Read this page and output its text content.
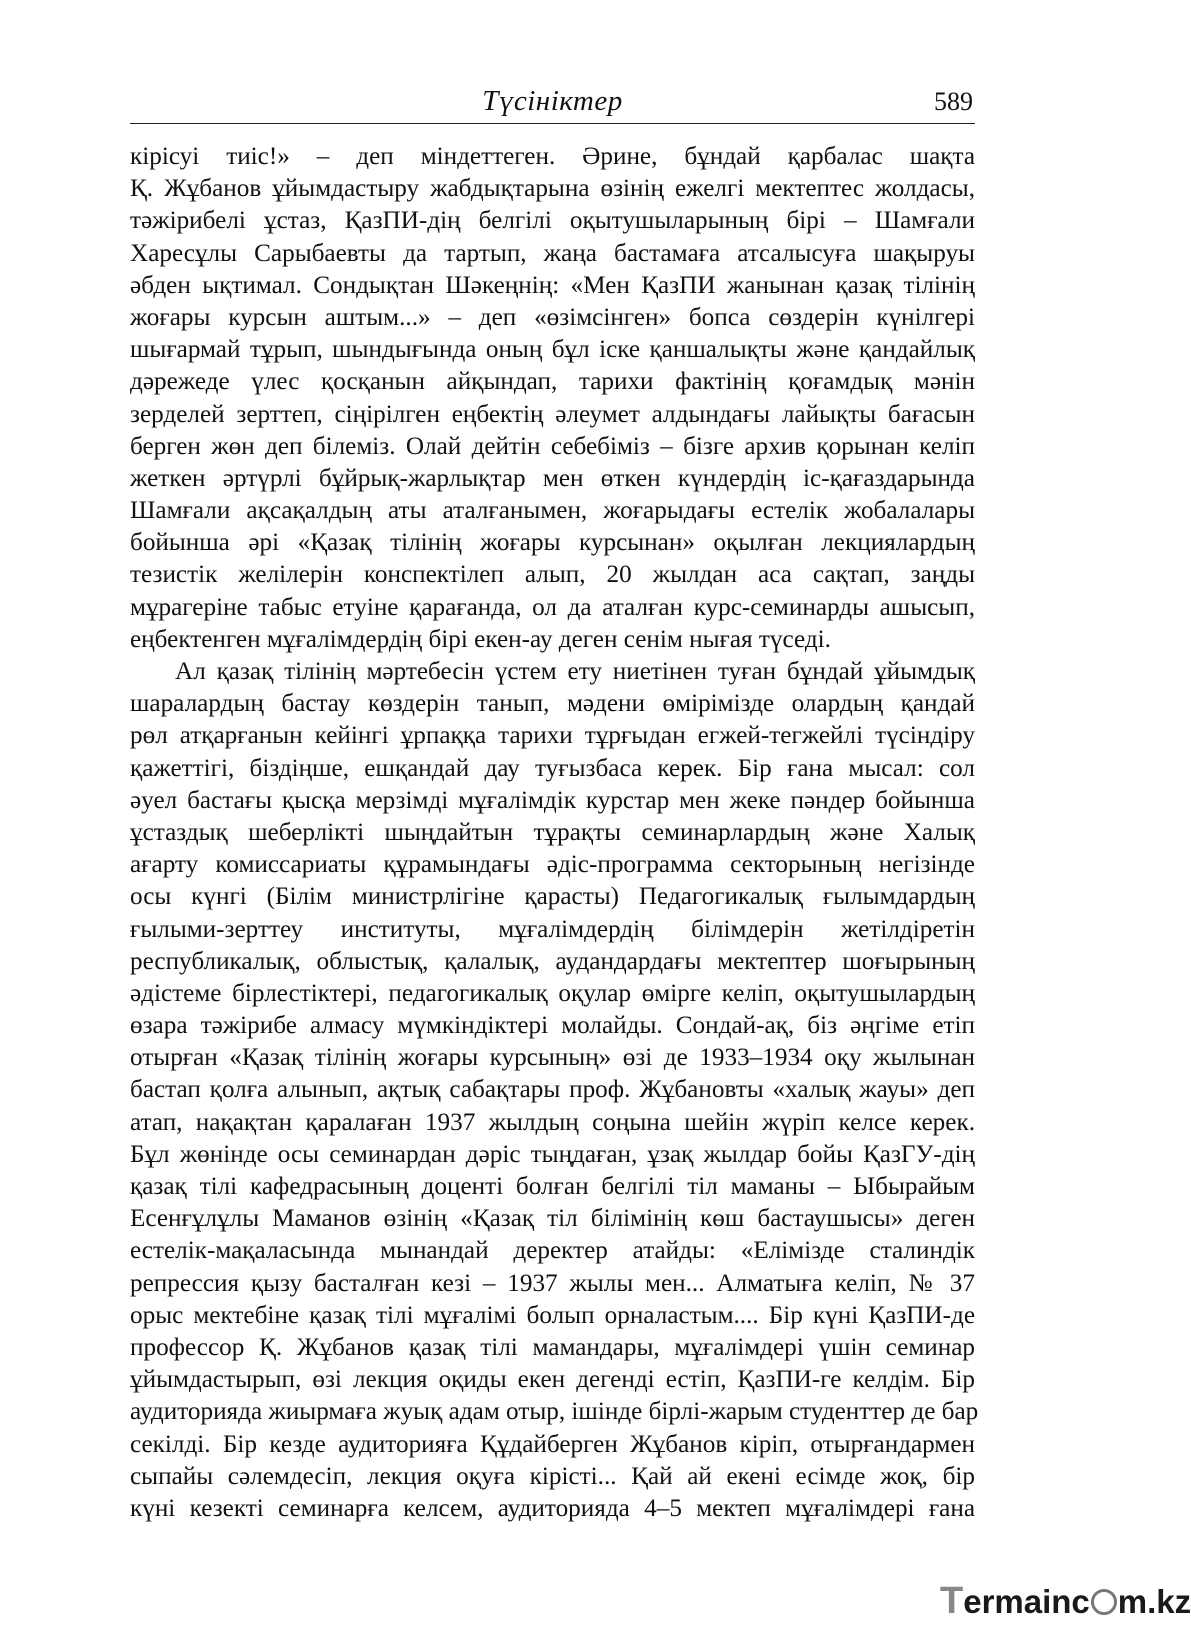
Түсініктер	589
кірісуі тиіс!» – деп міндеттеген. Әрине, бұндай қарбалас шақта
Қ. Жұбанов ұйымдастыру жабдықтарына өзінің ежелгі мектептес жолдасы,
тәжірибелі ұстаз, ҚазПИ-дің белгілі оқытушыларының бірі – Шамғали
Харесұлы Сарыбаевты да тартып, жаңа бастамаға атсалысуға шақыруы
әбден ықтимал. Сондықтан Шәкеңнің: «Мен ҚазПИ жанынан қазақ тілінің
жоғары курсын аштым...» – деп «өзімсінген» бопса сөздерін күнілгері
шығармай тұрып, шындығында оның бұл іске қаншалықты және қандайлық
дәрежеде үлес қосқанын айқындап, тарихи фактінің қоғамдық мәнін
зерделей зерттеп, сіңірілген еңбектің әлеумет алдындағы лайықты бағасын
берген жөн деп білеміз. Олай дейтін себебіміз – бізге архив қорынан келіп
жеткен әртүрлі бұйрық-жарлықтар мен өткен күндердің іс-қағаздарында
Шамғали ақсақалдың аты аталғанымен, жоғарыдағы естелік жобалалары
бойынша әрі «Қазақ тілінің жоғары курсынан» оқылған лекциялардың
тезистік желілерін конспектілеп алып, 20 жылдан аса сақтап, заңды
мұрагеріне табыс етуіне қарағанда, ол да аталған курс-семинарды ашысып,
еңбектенген мұғалімдердің бірі екен-ау деген сенім нығая түседі.
Ал қазақ тілінің мәртебесін үстем ету ниетінен туған бұндай ұйымдық
шаралардың бастау көздерін танып, мәдени өмірімізде олардың қандай
рөл атқарғанын кейінгі ұрпаққа тарихи тұрғыдан егжей-тегжейлі түсіндіру
қажеттігі, біздіңше, ешқандай дау туғызбаса керек. Бір ғана мысал: сол
әуел бастағы қысқа мерзімді мұғалімдік курстар мен жеке пәндер бойынша
ұстаздық шеберлікті шыңдайтын тұрақты семинарлардың және Халық
ағарту комиссариаты құрамындағы әдіс-программа секторының негізінде
осы күнгі (Білім министрлігіне қарасты) Педагогикалық ғылымдардың
ғылыми-зерттеу институты, мұғалімдердің білімдерін жетілдіретін
республикалық, облыстық, қалалық, аудандардағы мектептер шоғырының
әдістеме бірлестіктері, педагогикалық оқулар өмірге келіп, оқытушылардың
өзара тәжірибе алмасу мүмкіндіктері молайды. Сондай-ақ, біз әңгіме етіп
отырған «Қазақ тілінің жоғары курсының» өзі де 1933–1934 оқу жылынан
бастап қолға алынып, ақтық сабақтары проф. Жұбановты «халық жауы» деп
атап, нақақтан қаралаған 1937 жылдың соңына шейін жүріп келсе керек.
Бұл жөнінде осы семинардан дәріс тыңдаған, ұзақ жылдар бойы ҚазГУ-дің
қазақ тілі кафедрасының доценті болған белгілі тіл маманы – Ыбырайым
Есенғұлұлы Маманов өзінің «Қазақ тіл білімінің көш бастаушысы» деген
естелік-мақаласында мынандай деректер атайды: «Елімізде сталиндік
репрессия қызу басталған кезі – 1937 жылы мен... Алматыға келіп, № 37
орыс мектебіне қазақ тілі мұғалімі болып орналастым.... Бір күні ҚазПИ-де
профессор Қ. Жұбанов қазақ тілі мамандары, мұғалімдері үшін семинар
ұйымдастырып, өзі лекция оқиды екен дегенді естіп, ҚазПИ-ге келдім. Бір
аудиторияда жиырмаға жуық адам отыр, ішінде бірлі-жарым студенттер де бар
секілді. Бір кезде аудиторияға Құдайберген Жұбанов кіріп, отырғандармен
сыпайы сәлемдесіп, лекция оқуға кірісті... Қай ай екені есімде жоқ, бір
күні кезекті семинарға келсем, аудиторияда 4–5 мектеп мұғалімдері ғана
Termainc m.kz
